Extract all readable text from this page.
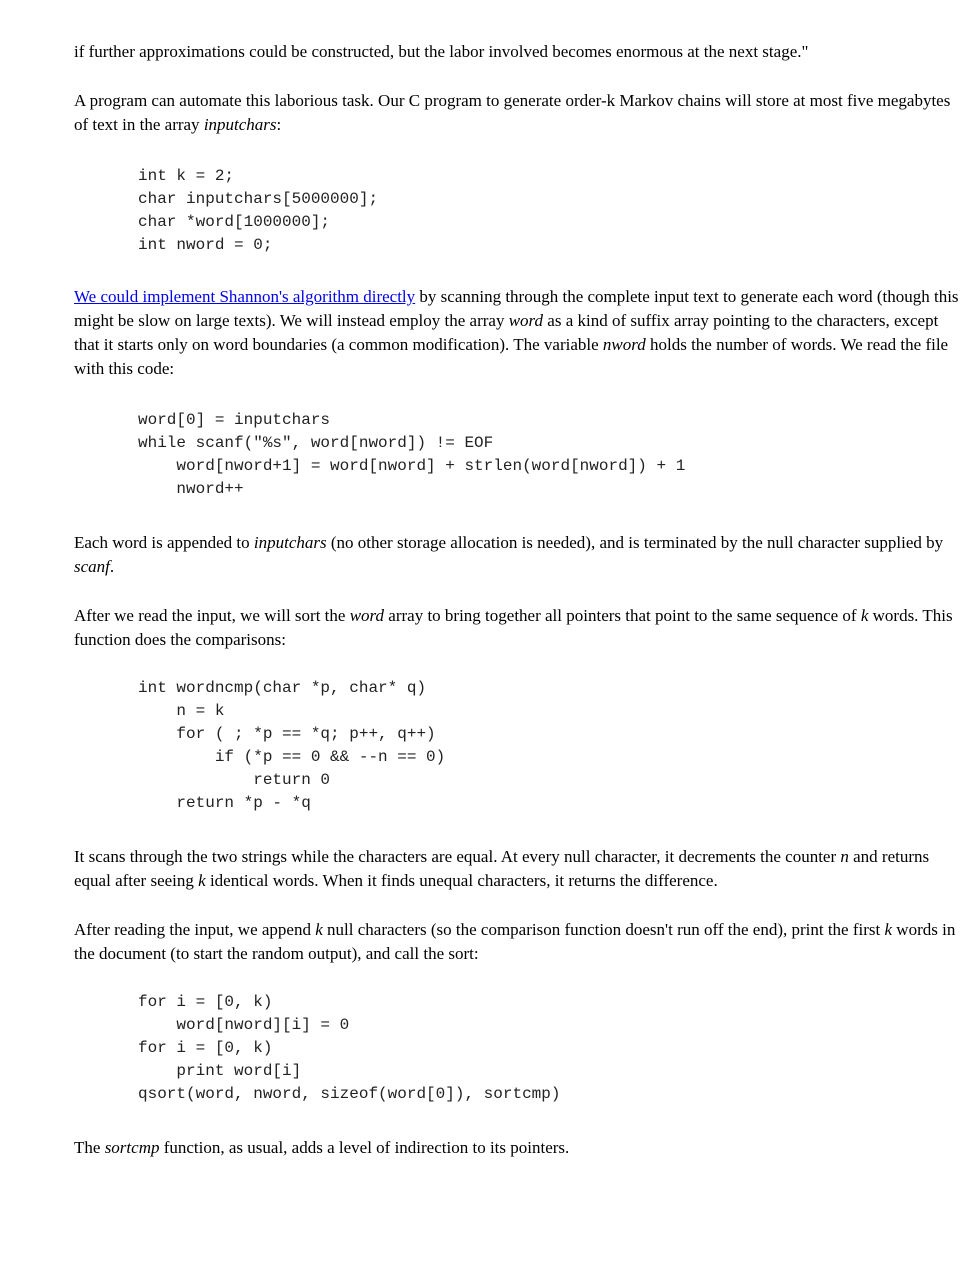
if further approximations could be constructed, but the labor involved becomes enormous at the next stage."

A program can automate this laborious task. Our C program to generate order-k Markov chains will store at most five megabytes of text in the array inputchars:

int k = 2;
char inputchars[5000000];
char *word[1000000];
int nword = 0;

We could implement Shannon's algorithm directly by scanning through the complete input text to generate each word (though this might be slow on large texts). We will instead employ the array word as a kind of suffix array pointing to the characters, except that it starts only on word boundaries (a common modification). The variable nword holds the number of words. We read the file with this code:

word[0] = inputchars
while scanf("%s", word[nword]) != EOF
word[nword+1] = word[nword] + strlen(word[nword]) + 1
nword++

Each word is appended to inputchars (no other storage allocation is needed), and is terminated by the null character supplied by scanf.

After we read the input, we will sort the word array to bring together all pointers that point to the same sequence of k words. This function does the comparisons:

int wordncmp(char *p, char* q)
n = k
for ( ; *p == *q; p++, q++)
if (*p == 0 && --n == 0)
return 0
return *p - *q

It scans through the two strings while the characters are equal. At every null character, it decrements the counter n and returns equal after seeing k identical words. When it finds unequal characters, it returns the difference.

After reading the input, we append k null characters (so the comparison function doesn't run off the end), print the first k words in the document (to start the random output), and call the sort:

for i = [0, k)
word[nword][i] = 0
for i = [0, k)
print word[i]
qsort(word, nword, sizeof(word[0]), sortcmp)

The sortcmp function, as usual, adds a level of indirection to its pointers.
